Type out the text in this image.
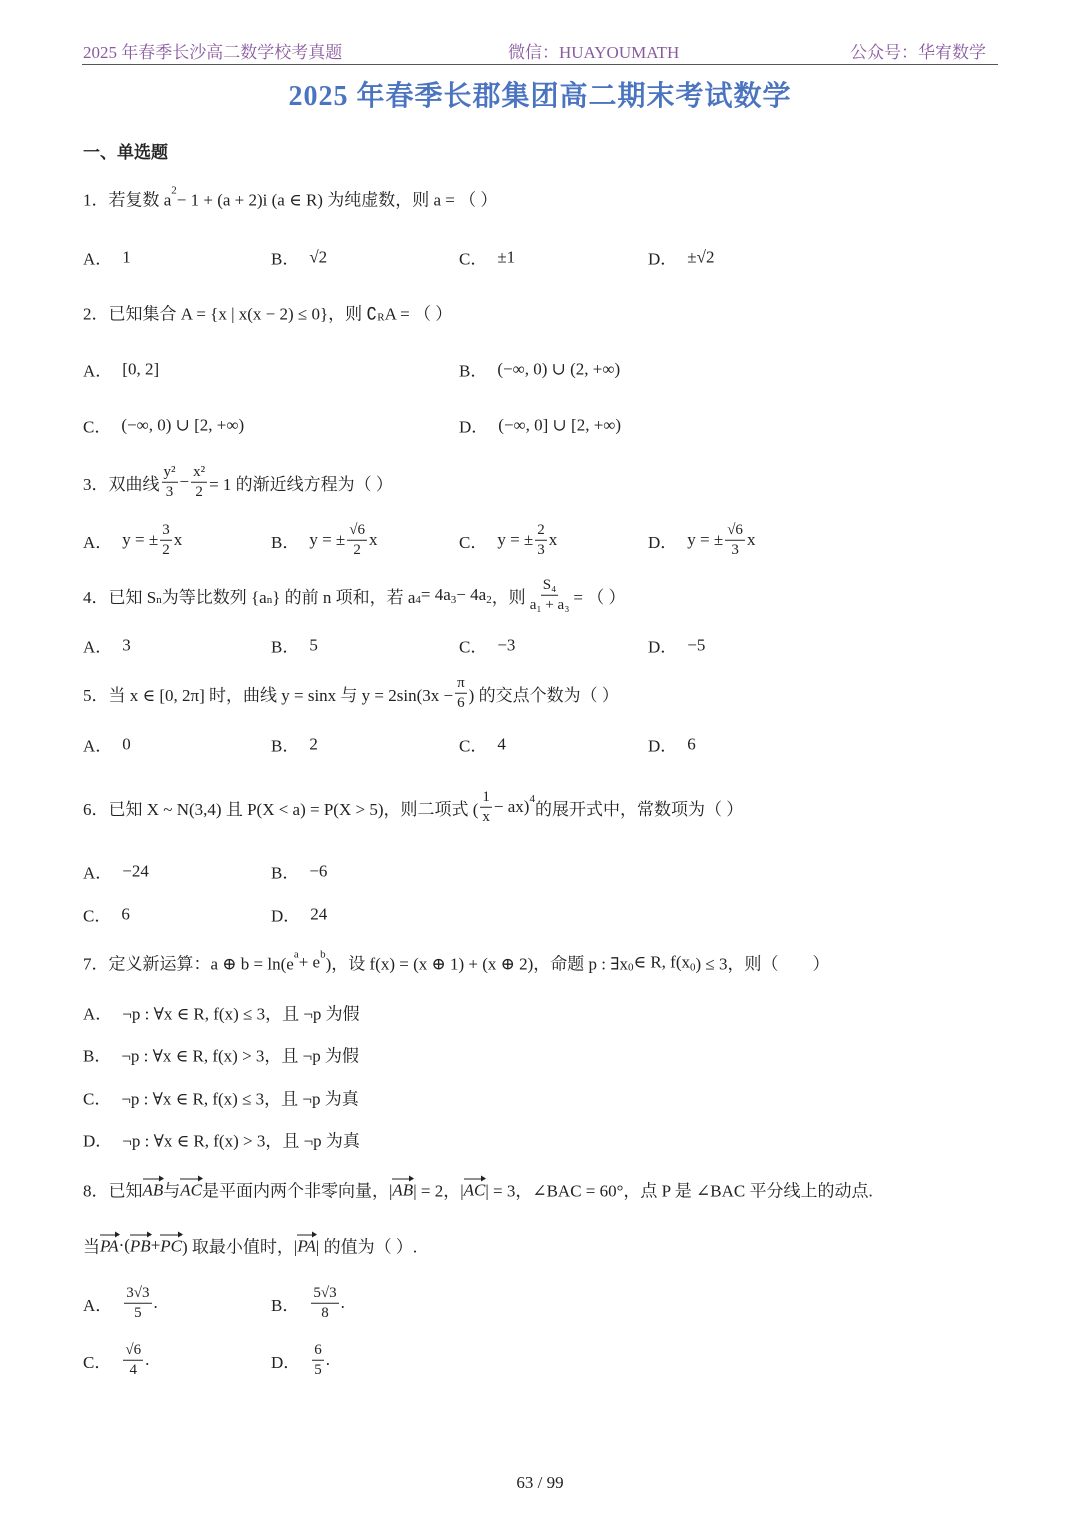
2025 年春季长沙高二数学校考真题	微信：HUAYOUMATH	公众号：华宥数学
2025 年春季长郡集团高二期末考试数学
一、单选题
1．若复数 a
2
− 1 + (a + 2)i (a ∈ R) 为纯虚数，则 a = （ ）
A． 1	B． √2	C． ±1	D． ±√2
2．已知集合 A = {x | x(x − 2) ≤ 0}，则 ∁ R A = （ ）
A． [0, 2]	B． (−∞, 0) ∪ (2, +∞)
C． (−∞, 0) ∪ [2, +∞)	D． (−∞, 0] ∪ [2, +∞)
3．双曲线 $\frac{\text{y²}}{3} - \frac{\text{x²}}{2} = 1$ 的渐近线方程为（ ）
A． y = ± $\frac{3}{2}$ x	B． y = ± $\frac{√6}{2}$ x	C． y = ± $\frac{2}{3}$ x	D． y = ± $\frac{√6}{3}$ x
4．已知 S n 为等比数列 {a n } 的前 n 项和，若 a 4 = 4a 3 − 4a 2 ，则 $\frac{\text{S₄}}{\text{a₁ + a₃}}$ = （ ）
A． 3	B． 5	C． −3	D． −5
5．当 x ∈ [0, 2π] 时，曲线 y = sinx 与 $y = 2\sin(3x - \frac{\pi}{6}$ ) 的交点个数为（ ）
A． 0	B． 2	C． 4	D． 6
6．已知 X ~ N(3,4) 且 P(X < a) = P(X > 5)，则二项式 ( $\frac{1}{x} - ax$) 4
的展开式中，常数项为（ ）
A． −24	B． −6
C． 6	D． 24
7．定义新运算：a ⊕ b = ln(e
a + e b
)，设 f(x) = (x ⊕ 1) + (x ⊕ 2)，命题 p : ∃x 0 ∈ R, f(x 0 ) ≤ 3，则（　　）
A． ¬p : ∀x ∈ R, f(x) ≤ 3，且 ¬p 为假
B． ¬p : ∀x ∈ R, f(x) > 3，且 ¬p 为假
C． ¬p : ∀x ∈ R, f(x) ≤ 3，且 ¬p 为真
D． ¬p : ∀x ∈ R, f(x) > 3，且 ¬p 为真
8．已知 AB 与 AC 是平面内两个非零向量，| AB | = 2，| AC | = 3，∠BAC = 60°，点 P 是 ∠BAC 平分线上的动点.
当 PA ·( PB + PC ) 取最小值时，| PA | 的值为（ ）.
A． $\frac{3√3}{5}$ .	B． $\frac{5√3}{8}$ .
C． $\frac{√6}{4}$ .	D． $\frac{6}{5}$ .
63 / 99
